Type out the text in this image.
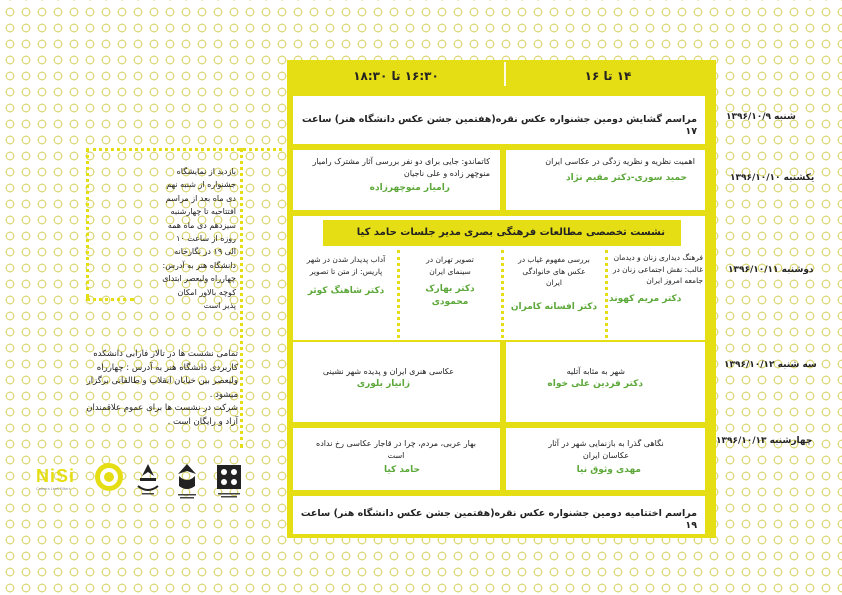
۱۴ تا ۱۶
۱۶:۳۰ تا ۱۸:۳۰
مراسم گشایش دومین جشنواره عکس نقره(هفتمین جشن عکس دانشگاه هنر) ساعت ۱۷
اهمیت نظریه و نظریه زدگی در عکاسی ایران
حمید سوری-دکتر مقیم نژاد
کاتماندو: جایی برای دو نفر بررسی آثار مشترک رامیار منوچهر زاده و علی ناجیان
رامیار منوچهرزاده
نشست تخصصی مطالعات فرهنگی بصری
مدیر جلسات حامد کیا
فرهنگ دیداری زنان و دیدمان غالب: نقش اجتماعی زنان در جامعه امروز ایران
دکتر مریم کهوند
بررسی مفهوم غیاب در عکس های خانوادگی ایران
دکتر افسانه کامران
تصویر تهران در سینمای ایران
دکتر بهارک محمودی
آداب پدیدار شدن در شهر پاریس: از متن تا تصویر
دکتر شاهنگ کوثر
شهر به مثابه آتلیه
دکتر فردین علی خواه
عکاسی هنری ایران و پدیده شهر نشینی
زانیار بلوری
نگاهی گذرا به بازنمایی شهر در آثار عکاسان ایران
مهدی وثوق نیا
بهار عربی، مردم، چرا در قاجار عکاسی رخ نداده است
حامد کیا
مراسم اختتامیه دومین جشنواره عکس نقره(هفتمین جشن عکس دانشگاه هنر) ساعت ۱۹
شنبه ۱۳۹۶/۱۰/۹
یکشنبه ۱۳۹۶/۱۰/۱۰
دوشنبه ۱۳۹۶/۱۰/۱۱
سه شنبه ۱۳۹۶/۱۰/۱۲
چهارشنبه ۱۳۹۶/۱۰/۱۳
بازدید از نمایشگاه
جشنواره از شنبه نهم
دی ماه بعد از مراسم
افتتاحیه تا چهارشنبه
سیزدهم دی ماه همه
روزه از ساعت ۱۰
الی ۱۹ در نگارخانه
دانشگاه هنر به آدرس:
چهارراه ولیعصر ابتدای
کوچه بالاور امکان
پذیر است
تمامی نشست ها در تالار فارابی دانشکده
کاربردی دانشگاه هنر به آدرس : چهارراه
ولیعصر بین خیابان انقلاب و طالقانی برگزار
میشود .
شرکت در نشست ها برای عموم علاقمندان
آزاد و رایگان است .
NiSi
Camera Lens Filters
